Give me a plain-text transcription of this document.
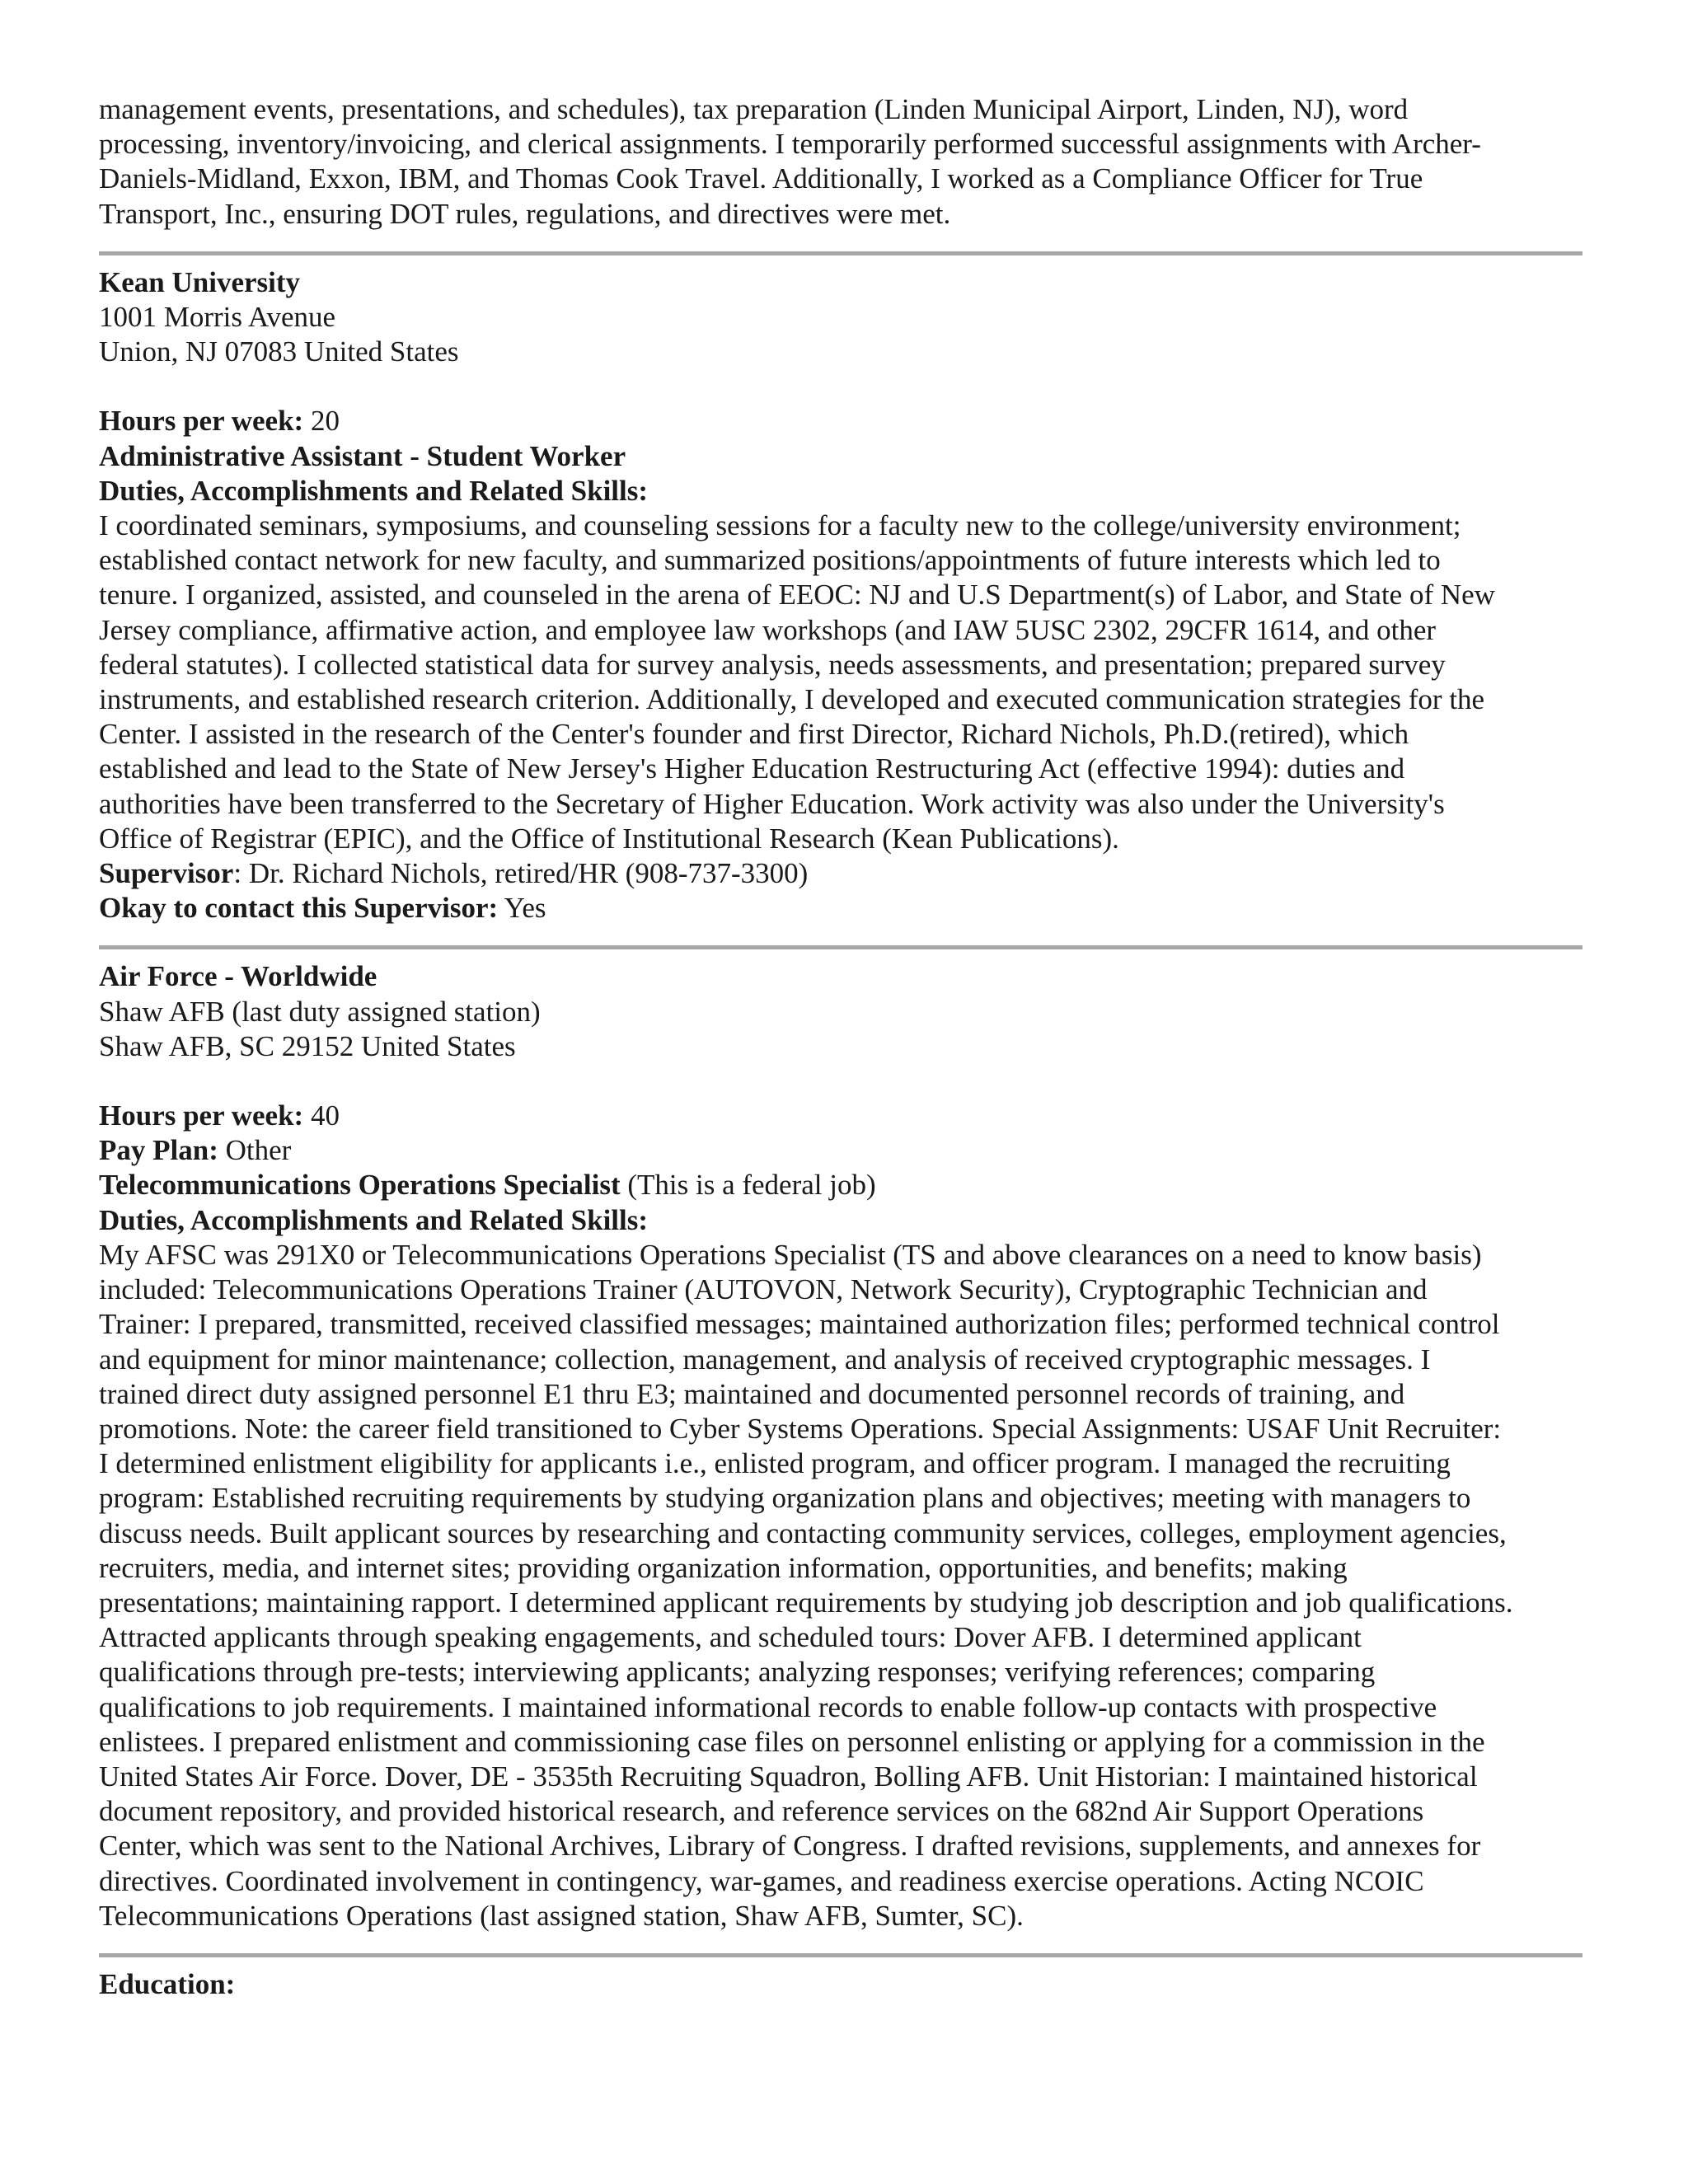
management events, presentations, and schedules), tax preparation (Linden Municipal Airport, Linden, NJ), word
processing, inventory/invoicing, and clerical assignments. I temporarily performed successful assignments with Archer-
Daniels-Midland, Exxon, IBM, and Thomas Cook Travel. Additionally, I worked as a Compliance Officer for True
Transport, Inc., ensuring DOT rules, regulations, and directives were met.
Kean University
1001 Morris Avenue
Union, NJ 07083 United States
Hours per week: 20
Administrative Assistant - Student Worker
Duties, Accomplishments and Related Skills:
I coordinated seminars, symposiums, and counseling sessions for a faculty new to the college/university environment;
established contact network for new faculty, and summarized positions/appointments of future interests which led to
tenure. I organized, assisted, and counseled in the arena of EEOC: NJ and U.S Department(s) of Labor, and State of New
Jersey compliance, affirmative action, and employee law workshops (and IAW 5USC 2302, 29CFR 1614, and other
federal statutes). I collected statistical data for survey analysis, needs assessments, and presentation; prepared survey
instruments, and established research criterion. Additionally, I developed and executed communication strategies for the
Center. I assisted in the research of the Center's founder and first Director, Richard Nichols, Ph.D.(retired), which
established and lead to the State of New Jersey's Higher Education Restructuring Act (effective 1994): duties and
authorities have been transferred to the Secretary of Higher Education. Work activity was also under the University's
Office of Registrar (EPIC), and the Office of Institutional Research (Kean Publications).
Supervisor: Dr. Richard Nichols, retired/HR (908-737-3300)
Okay to contact this Supervisor: Yes
Air Force - Worldwide
Shaw AFB (last duty assigned station)
Shaw AFB, SC 29152 United States
Hours per week: 40
Pay Plan: Other
Telecommunications Operations Specialist (This is a federal job)
Duties, Accomplishments and Related Skills:
My AFSC was 291X0 or Telecommunications Operations Specialist (TS and above clearances on a need to know basis)
included: Telecommunications Operations Trainer (AUTOVON, Network Security), Cryptographic Technician and
Trainer: I prepared, transmitted, received classified messages; maintained authorization files; performed technical control
and equipment for minor maintenance; collection, management, and analysis of received cryptographic messages. I
trained direct duty assigned personnel E1 thru E3; maintained and documented personnel records of training, and
promotions. Note: the career field transitioned to Cyber Systems Operations. Special Assignments: USAF Unit Recruiter:
I determined enlistment eligibility for applicants i.e., enlisted program, and officer program. I managed the recruiting
program: Established recruiting requirements by studying organization plans and objectives; meeting with managers to
discuss needs. Built applicant sources by researching and contacting community services, colleges, employment agencies,
recruiters, media, and internet sites; providing organization information, opportunities, and benefits; making
presentations; maintaining rapport. I determined applicant requirements by studying job description and job qualifications.
Attracted applicants through speaking engagements, and scheduled tours: Dover AFB. I determined applicant
qualifications through pre-tests; interviewing applicants; analyzing responses; verifying references; comparing
qualifications to job requirements. I maintained informational records to enable follow-up contacts with prospective
enlistees. I prepared enlistment and commissioning case files on personnel enlisting or applying for a commission in the
United States Air Force. Dover, DE - 3535th Recruiting Squadron, Bolling AFB. Unit Historian: I maintained historical
document repository, and provided historical research, and reference services on the 682nd Air Support Operations
Center, which was sent to the National Archives, Library of Congress. I drafted revisions, supplements, and annexes for
directives. Coordinated involvement in contingency, war-games, and readiness exercise operations. Acting NCOIC
Telecommunications Operations (last assigned station, Shaw AFB, Sumter, SC).
Education:
